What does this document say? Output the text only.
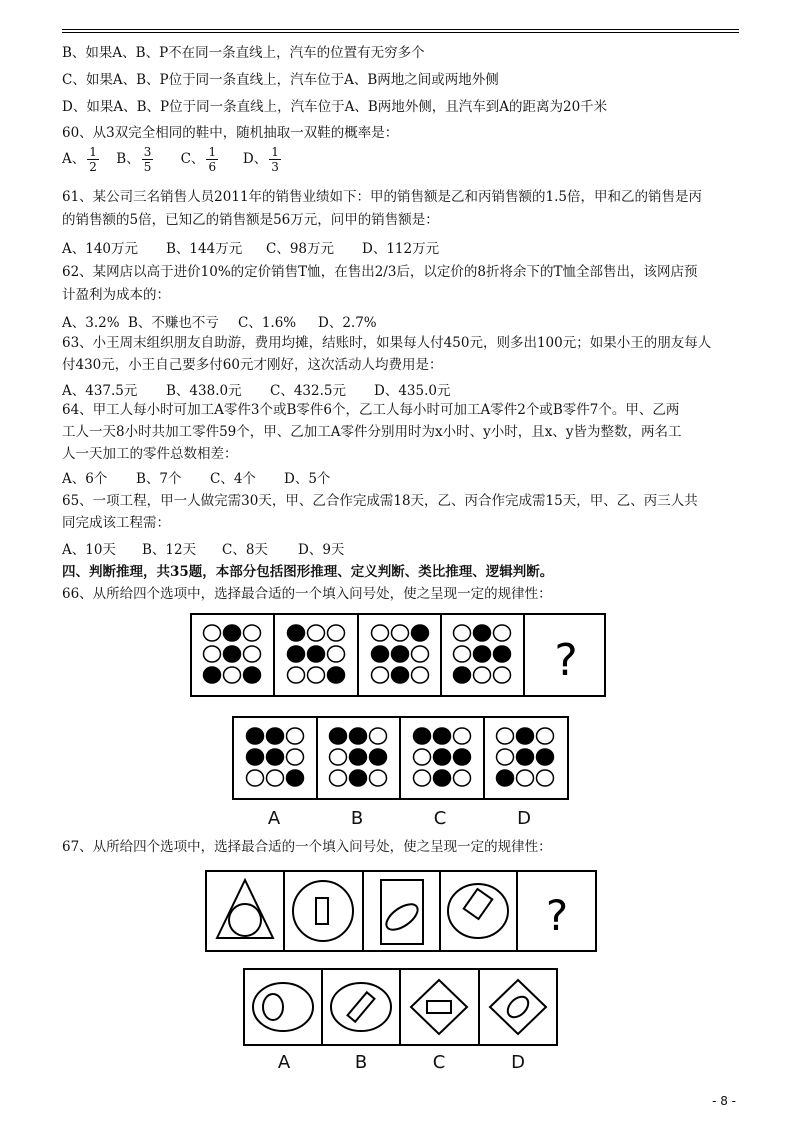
B、如果A、B、P不在同一条直线上，汽车的位置有无穷多个
C、如果A、B、P位于同一条直线上，汽车位于A、B两地之间或两地外侧
D、如果A、B、P位于同一条直线上，汽车位于A、B两地外侧，且汽车到A的距离为20千米
60、从3双完全相同的鞋中，随机抽取一双鞋的概率是：
A、 $\frac{1}{2}$ B、 $\frac{3}{5}$ C、 $\frac{1}{6}$ D、 $\frac{1}{3}$
61、某公司三名销售人员2011年的销售业绩如下：甲的销售额是乙和丙销售额的1.5倍，甲和乙的销售是丙
的销售额的5倍，已知乙的销售额是56万元，问甲的销售额是：
A、140万元 B、144万元 C、98万元 D、112万元
62、某网店以高于进价10%的定价销售T恤，在售出2/3后，以定价的8折将余下的T恤全部售出，该网店预
计盈利为成本的：
A、3.2% B、不赚也不亏 C、1.6% D、2.7%
63、小王周末组织朋友自助游，费用均摊，结账时，如果每人付450元，则多出100元；如果小王的朋友每人
付430元，小王自己要多付60元才刚好，这次活动人均费用是：
A、437.5元 B、438.0元 C、432.5元 D、435.0元
64、甲工人每小时可加工A零件3个或B零件6个，乙工人每小时可加工A零件2个或B零件7个。甲、乙两
工人一天8小时共加工零件59个，甲、乙加工A零件分别用时为x小时、y小时，且x、y皆为整数，两名工
人一天加工的零件总数相差：
A、6个 B、7个 C、4个 D、5个
65、一项工程，甲一人做完需30天，甲、乙合作完成需18天，乙、丙合作完成需15天，甲、乙、丙三人共
同完成该工程需：
A、10天 B、12天 C、8天 D、9天
四、判断推理，共35题，本部分包括图形推理、定义判断、类比推理、逻辑判断。
66、从所给四个选项中，选择最合适的一个填入问号处，使之呈现一定的规律性：
?
A	B	C	D
67、从所给四个选项中，选择最合适的一个填入问号处，使之呈现一定的规律性：
?
A	B	C	D
- 8 -
